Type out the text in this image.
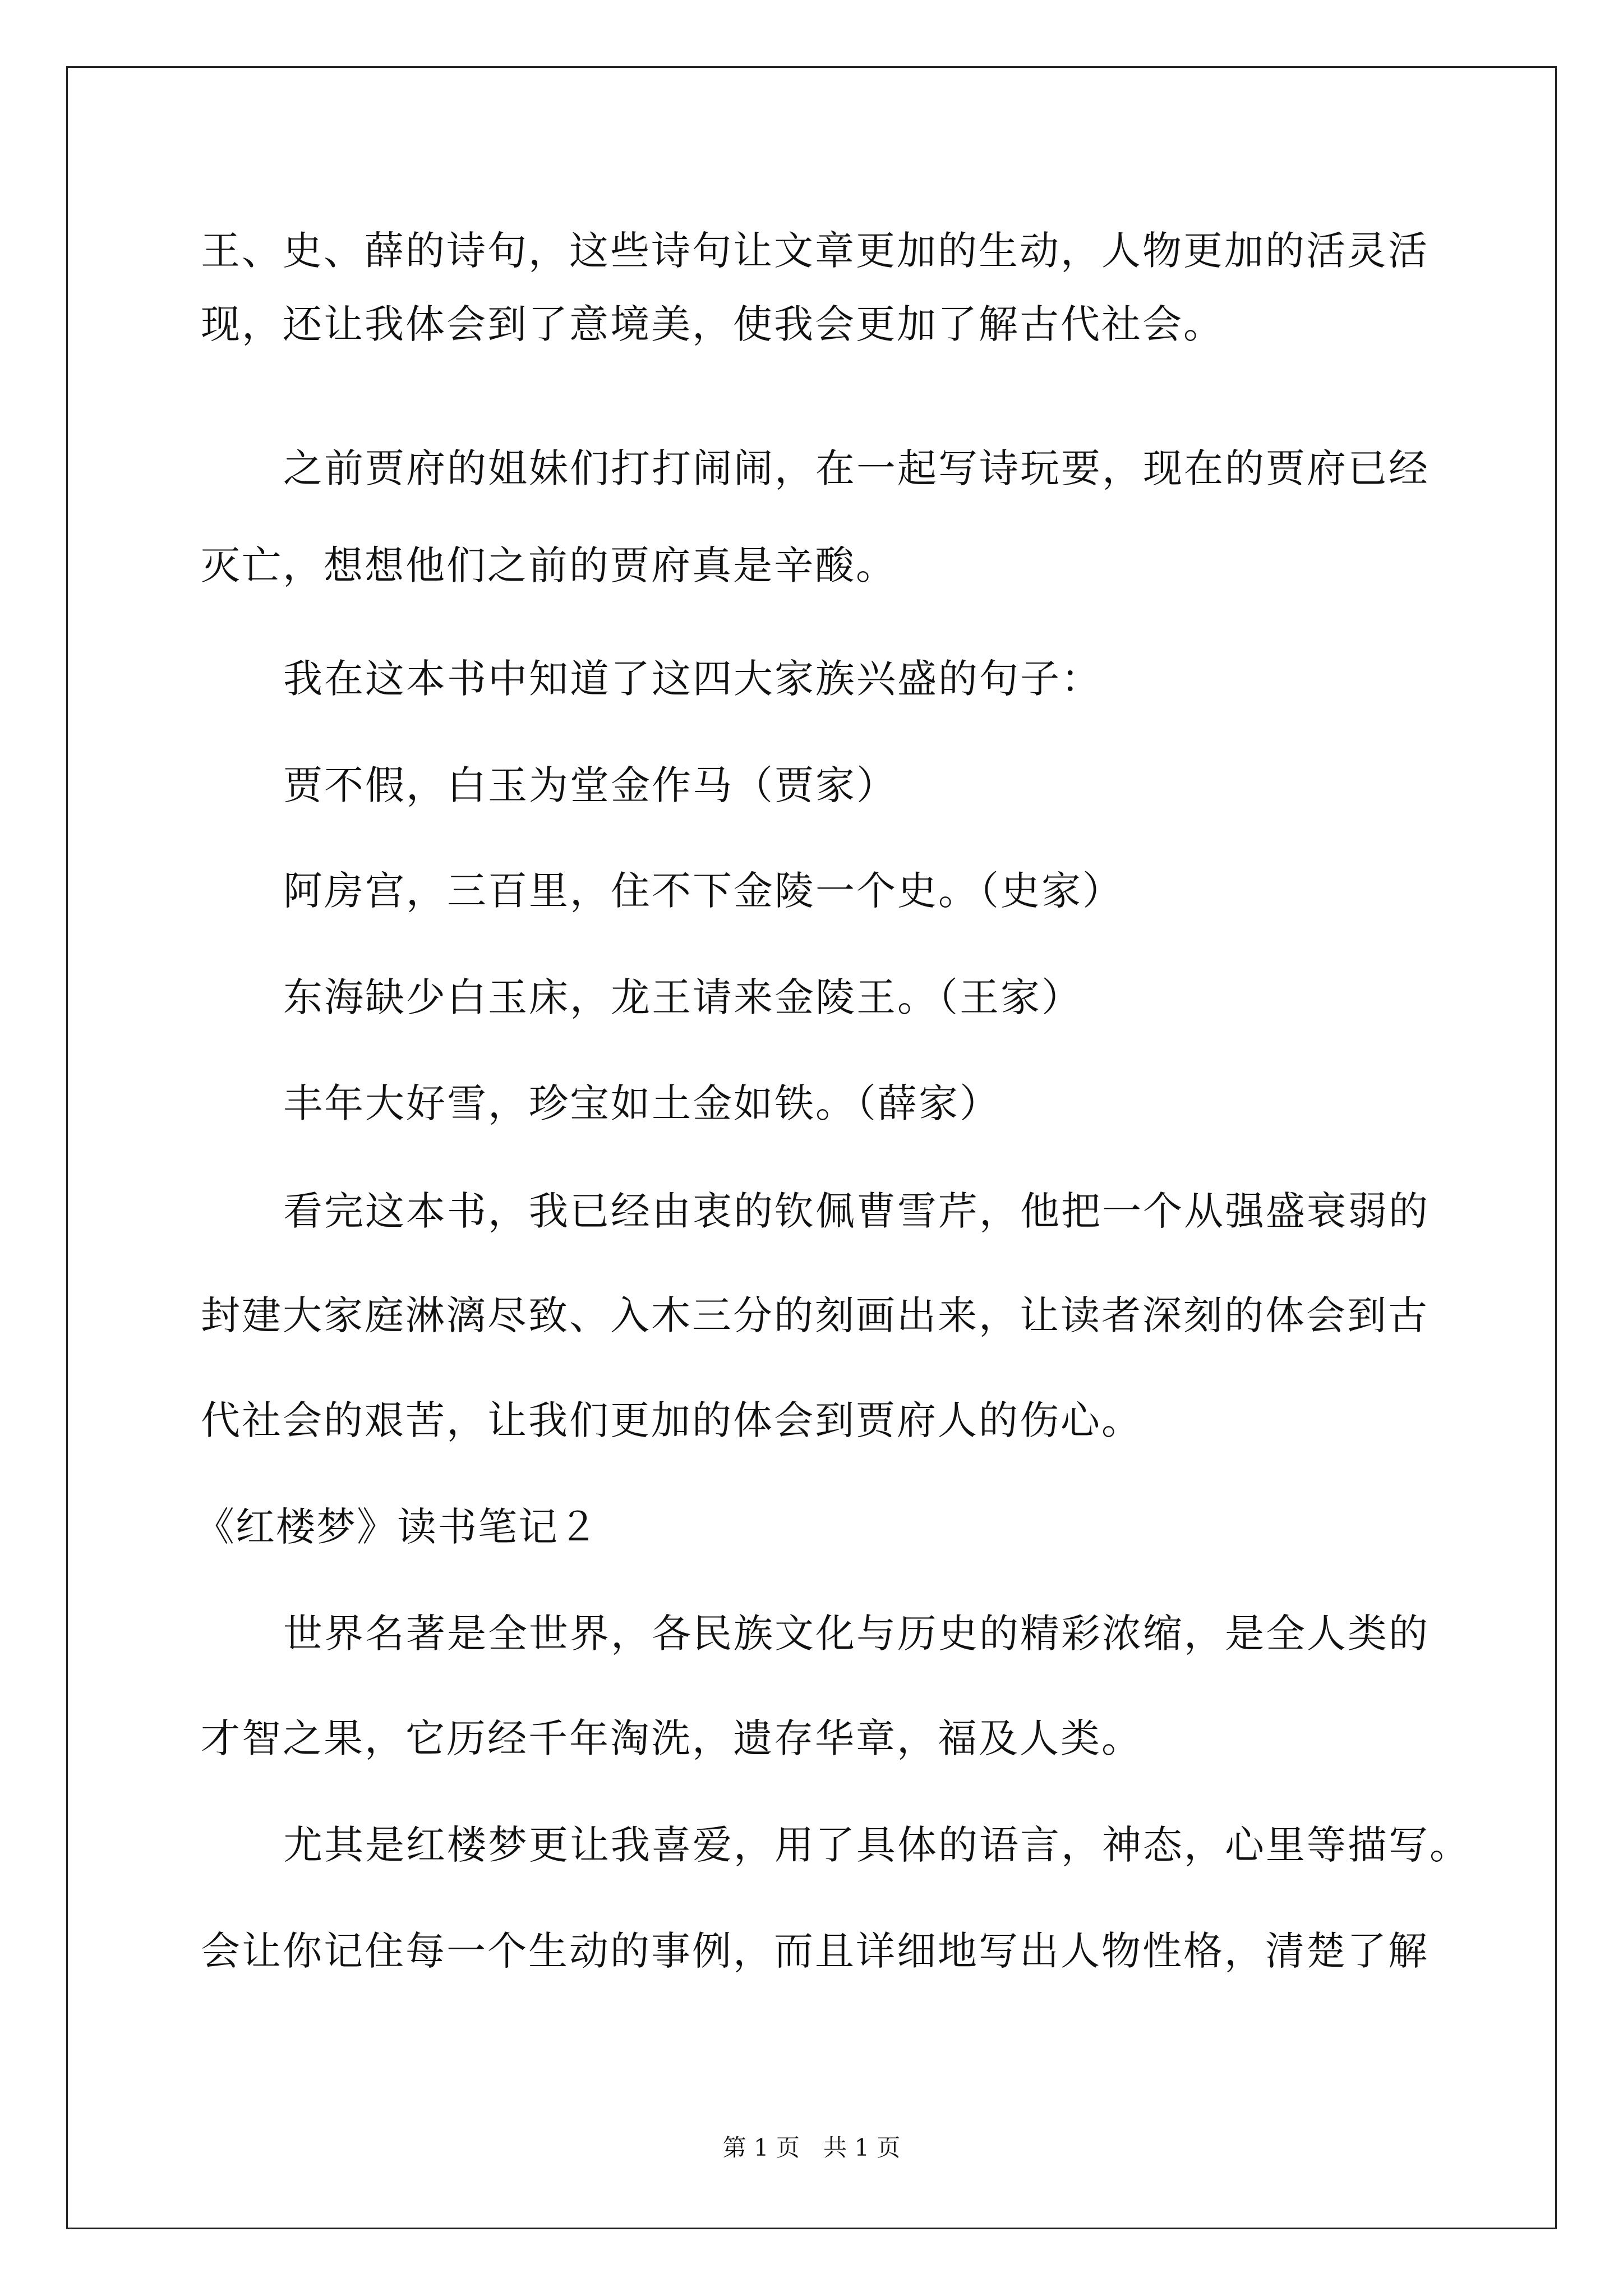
王、史、薛的诗句，这些诗句让文章更加的生动，人物更加的活灵活
现，还让我体会到了意境美，使我会更加了解古代社会。
之前贾府的姐妹们打打闹闹，在一起写诗玩要，现在的贾府已经
灭亡，想想他们之前的贾府真是辛酸。
我在这本书中知道了这四大家族兴盛的句子：
贾不假，白玉为堂金作马（贾家）
阿房宫，三百里，住不下金陵一个史。（史家）
东海缺少白玉床，龙王请来金陵王。（王家）
丰年大好雪，珍宝如土金如铁。（薛家）
看完这本书，我已经由衷的钦佩曹雪芹，他把一个从强盛衰弱的
封建大家庭淋漓尽致、入木三分的刻画出来，让读者深刻的体会到古
代社会的艰苦，让我们更加的体会到贾府人的伤心。
《红楼梦》读书笔记２
世界名著是全世界，各民族文化与历史的精彩浓缩，是全人类的
才智之果，它历经千年淘洗，遗存华章，福及人类。
尤其是红楼梦更让我喜爱，用了具体的语言，神态，心里等描写。
会让你记住每一个生动的事例，而且详细地写出人物性格，清楚了解
第 1 页　共 1 页
